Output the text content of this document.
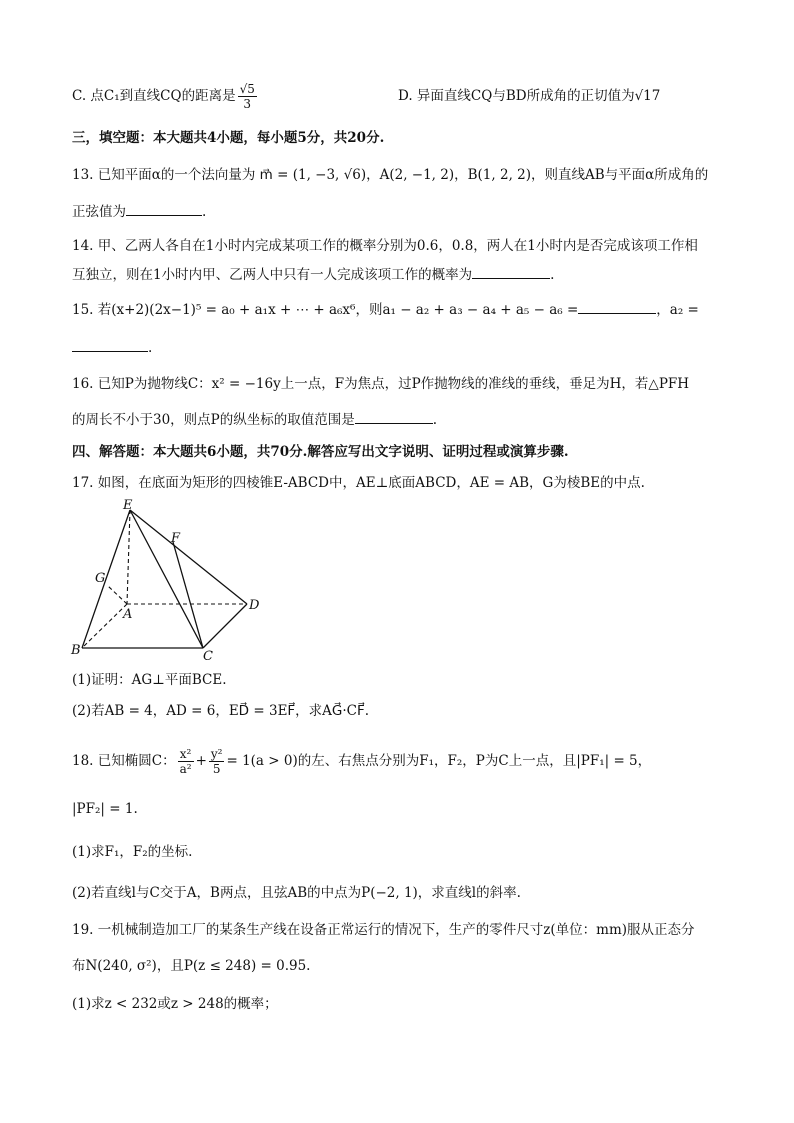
C. 点C₁到直线CQ的距离是 $\frac{√5}{3}$	D. 异面直线CQ与BD所成角的正切值为√17
三，填空题：本大题共4小题，每小题5分，共20分.
13. 已知平面α的一个法向量为 m⃗ = (1, −3, √6)，A(2, −1, 2)，B(1, 2, 2)，则直线AB与平面α所成角的
正弦值为	.
14. 甲、乙两人各自在1小时内完成某项工作的概率分别为0.6，0.8，两人在1小时内是否完成该项工作相
互独立，则在1小时内甲、乙两人中只有一人完成该项工作的概率为	.
15. 若(x+2)(2x−1)⁵ = a₀ + a₁x + ⋯ + a₆x⁶，则a₁ − a₂ + a₃ − a₄ + a₅ − a₆ =	，a₂ =
.
16. 已知P为抛物线C：x² = −16y上一点，F为焦点，过P作抛物线的准线的垂线，垂足为H，若△PFH
的周长不小于30，则点P的纵坐标的取值范围是	.
四、解答题：本大题共6小题，共70分.解答应写出文字说明、证明过程或演算步骤.
17. 如图，在底面为矩形的四棱锥E-ABCD中，AE⊥底面ABCD，AE = AB，G为棱BE的中点.
E
F
G
A
D
B	C
(1)证明：AG⊥平面BCE.
(2)若AB = 4，AD = 6，ED⃗ = 3EF⃗，求AG⃗·CF⃗.
18. 已知椭圆C： $\frac{\text{x²}}{\text{a²}} + \frac{\text{y²}}{5} = 1(a > 0)$的左、右焦点分别为F₁，F₂，P为C上一点，且|PF₁| = 5，
|PF₂| = 1.
(1)求F₁，F₂的坐标.
(2)若直线l与C交于A，B两点，且弦AB的中点为P(−2, 1)，求直线l的斜率.
19. 一机械制造加工厂的某条生产线在设备正常运行的情况下，生产的零件尺寸z(单位：mm)服从正态分
布N(240, σ²)，且P(z ≤ 248) = 0.95.
(1)求z < 232或z > 248的概率；
